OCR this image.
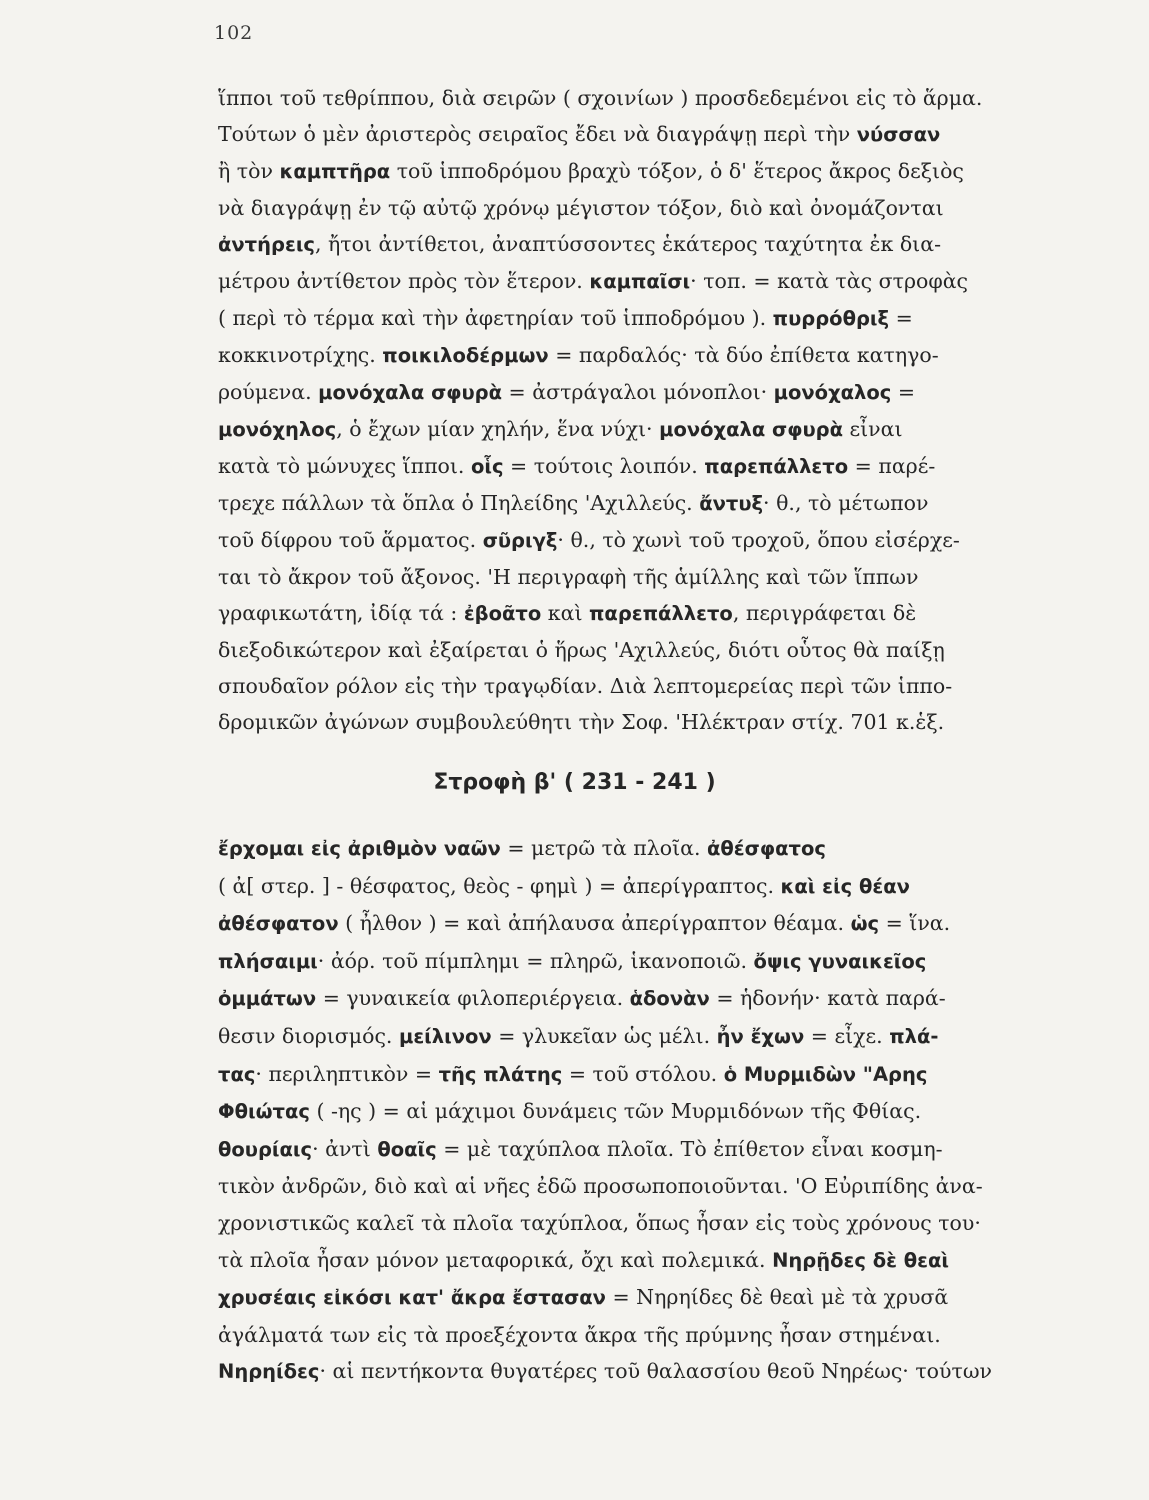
102
ἵπποι τοῦ τεθρίππου, διὰ σειρῶν ( σχοινίων ) προσδεδεμένοι εἰς τὸ ἅρμα.
Τούτων ὁ μὲν ἀριστερὸς σειραῖος ἔδει νὰ διαγράψῃ περὶ τὴν νύσσαν
ἢ τὸν καμπτῆρα τοῦ ἱπποδρόμου βραχὺ τόξον, ὁ δ' ἕτερος ἄκρος δεξιὸς
νὰ διαγράψῃ ἐν τῷ αὐτῷ χρόνῳ μέγιστον τόξον, διὸ καὶ ὀνομάζονται
ἀντήρεις, ἤτοι ἀντίθετοι, ἀναπτύσσοντες ἑκάτερος ταχύτητα ἐκ δια-
μέτρου ἀντίθετον πρὸς τὸν ἕτερον. καμπαῖσι· τοπ. = κατὰ τὰς στροφὰς
( περὶ τὸ τέρμα καὶ τὴν ἀφετηρίαν τοῦ ἱπποδρόμου ). πυρρόθριξ =
κοκκινοτρίχης. ποικιλοδέρμων = παρδαλός· τὰ δύο ἐπίθετα κατηγο-
ρούμενα. μονόχαλα σφυρὰ = ἀστράγαλοι μόνοπλοι· μονόχαλος =
μονόχηλος, ὁ ἔχων μίαν χηλήν, ἕνα νύχι· μονόχαλα σφυρὰ εἶναι
κατὰ τὸ μώνυχες ἵπποι. οἷς = τούτοις λοιπόν. παρεπάλλετο = παρέ-
τρεχε πάλλων τὰ ὅπλα ὁ Πηλείδης 'Αχιλλεύς. ἄντυξ· θ., τὸ μέτωπον
τοῦ δίφρου τοῦ ἅρματος. σῦριγξ· θ., τὸ χωνὶ τοῦ τροχοῦ, ὅπου εἰσέρχε-
ται τὸ ἄκρον τοῦ ἄξονος. 'Η περιγραφὴ τῆς ἁμίλλης καὶ τῶν ἵππων
γραφικωτάτη, ἰδίᾳ τά : ἐβοᾶτο καὶ παρεπάλλετο, περιγράφεται δὲ
διεξοδικώτερον καὶ ἐξαίρεται ὁ ἥρως 'Αχιλλεύς, διότι οὗτος θὰ παίξῃ
σπουδαῖον ρόλον εἰς τὴν τραγῳδίαν. Διὰ λεπτομερείας περὶ τῶν ἱππο-
δρομικῶν ἀγώνων συμβουλεύθητι τὴν Σοφ. 'Ηλέκτραν στίχ. 701 κ.ἑξ.
Στροφὴ β' ( 231 - 241 )
ἔρχομαι εἰς ἀριθμὸν ναῶν = μετρῶ τὰ πλοῖα. ἀθέσφατος
( ἀ[ στερ. ] - θέσφατος, θεὸς - φημὶ ) = ἀπερίγραπτος. καὶ εἰς θέαν
ἀθέσφατον ( ἦλθον ) = καὶ ἀπήλαυσα ἀπερίγραπτον θέαμα. ὡς = ἵνα.
πλήσαιμι· ἀόρ. τοῦ πίμπλημι = πληρῶ, ἱκανοποιῶ. ὄψις γυναικεῖος
ὀμμάτων = γυναικεία φιλοπεριέργεια. ἁδονὰν = ἡδονήν· κατὰ παρά-
θεσιν διορισμός. μείλινον = γλυκεῖαν ὡς μέλι. ἦν ἔχων = εἶχε. πλά-
τας· περιληπτικὸν = τῆς πλάτης = τοῦ στόλου. ὁ Μυρμιδὼν "Αρης
Φθιώτας ( -ης ) = αἱ μάχιμοι δυνάμεις τῶν Μυρμιδόνων τῆς Φθίας.
θουρίαις· ἀντὶ θοαῖς = μὲ ταχύπλοα πλοῖα. Τὸ ἐπίθετον εἶναι κοσμη-
τικὸν ἀνδρῶν, διὸ καὶ αἱ νῆες ἐδῶ προσωποποιοῦνται. 'Ο Εὐριπίδης ἀνα-
χρονιστικῶς καλεῖ τὰ πλοῖα ταχύπλοα, ὅπως ἦσαν εἰς τοὺς χρόνους του·
τὰ πλοῖα ἦσαν μόνον μεταφορικά, ὄχι καὶ πολεμικά. Νηρῇδες δὲ θεαὶ
χρυσέαις εἰκόσι κατ' ἄκρα ἔστασαν = Νηρηίδες δὲ θεαὶ μὲ τὰ χρυσᾶ
ἀγάλματά των εἰς τὰ προεξέχοντα ἄκρα τῆς πρύμνης ἦσαν στημέναι.
Νηρηίδες· αἱ πεντήκοντα θυγατέρες τοῦ θαλασσίου θεοῦ Νηρέως· τούτων
